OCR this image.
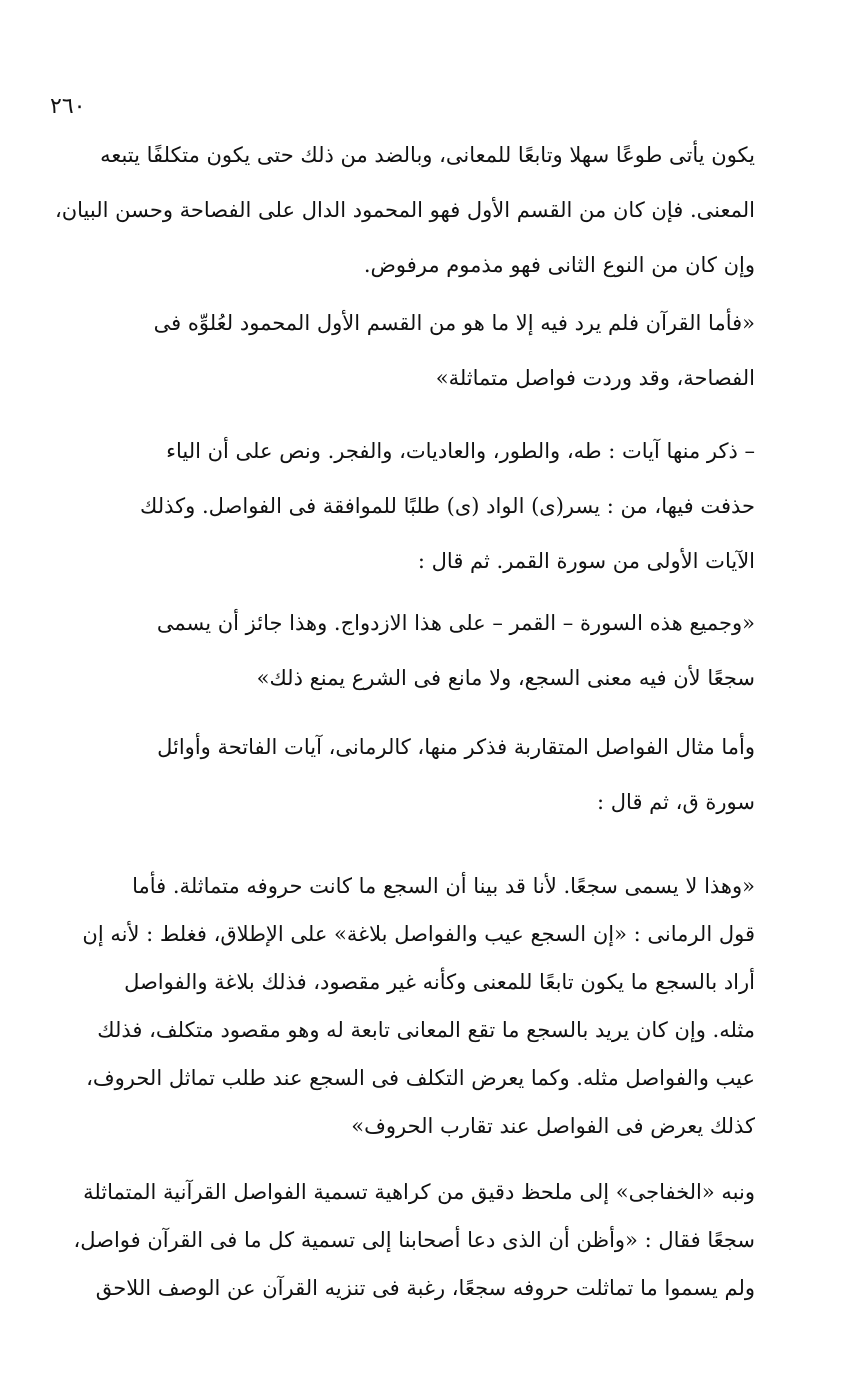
٢٦٠
يكون يأتى طوعًا سهلا وتابعًا للمعانى، وبالضد من ذلك حتى يكون متكلفًا يتبعه
المعنى. فإن كان من القسم الأول فهو المحمود الدال على الفصاحة وحسن البيان،
وإن كان من النوع الثانى فهو مذموم مرفوض.
«فأما القرآن فلم يرد فيه إلا ما هو من القسم الأول المحمود لعُلوِّه فى
الفصاحة، وقد وردت فواصل متماثلة»
– ذكر منها آيات : طه، والطور، والعاديات، والفجر. ونص على أن الياء
حذفت فيها، من : يسر(ى) الواد (ى) طلبًا للموافقة فى الفواصل. وكذلك
الآيات الأولى من سورة القمر. ثم قال :
«وجميع هذه السورة – القمر – على هذا الازدواج. وهذا جائز أن يسمى
سجعًا لأن فيه معنى السجع، ولا مانع فى الشرع يمنع ذلك»
وأما مثال الفواصل المتقاربة فذكر منها، كالرمانى، آيات الفاتحة وأوائل
سورة ق، ثم قال :
«وهذا لا يسمى سجعًا. لأنا قد بينا أن السجع ما كانت حروفه متماثلة. فأما
قول الرمانى : «إن السجع عيب والفواصل بلاغة» على الإطلاق، فغلط : لأنه إن
أراد بالسجع ما يكون تابعًا للمعنى وكأنه غير مقصود، فذلك بلاغة والفواصل
مثله. وإن كان يريد بالسجع ما تقع المعانى تابعة له وهو مقصود متكلف، فذلك
عيب والفواصل مثله. وكما يعرض التكلف فى السجع عند طلب تماثل الحروف،
كذلك يعرض فى الفواصل عند تقارب الحروف»
ونبه «الخفاجى» إلى ملحظ دقيق من كراهية تسمية الفواصل القرآنية المتماثلة
سجعًا فقال : «وأظن أن الذى دعا أصحابنا إلى تسمية كل ما فى القرآن فواصل،
ولم يسموا ما تماثلت حروفه سجعًا، رغبة فى تنزيه القرآن عن الوصف اللاحق
